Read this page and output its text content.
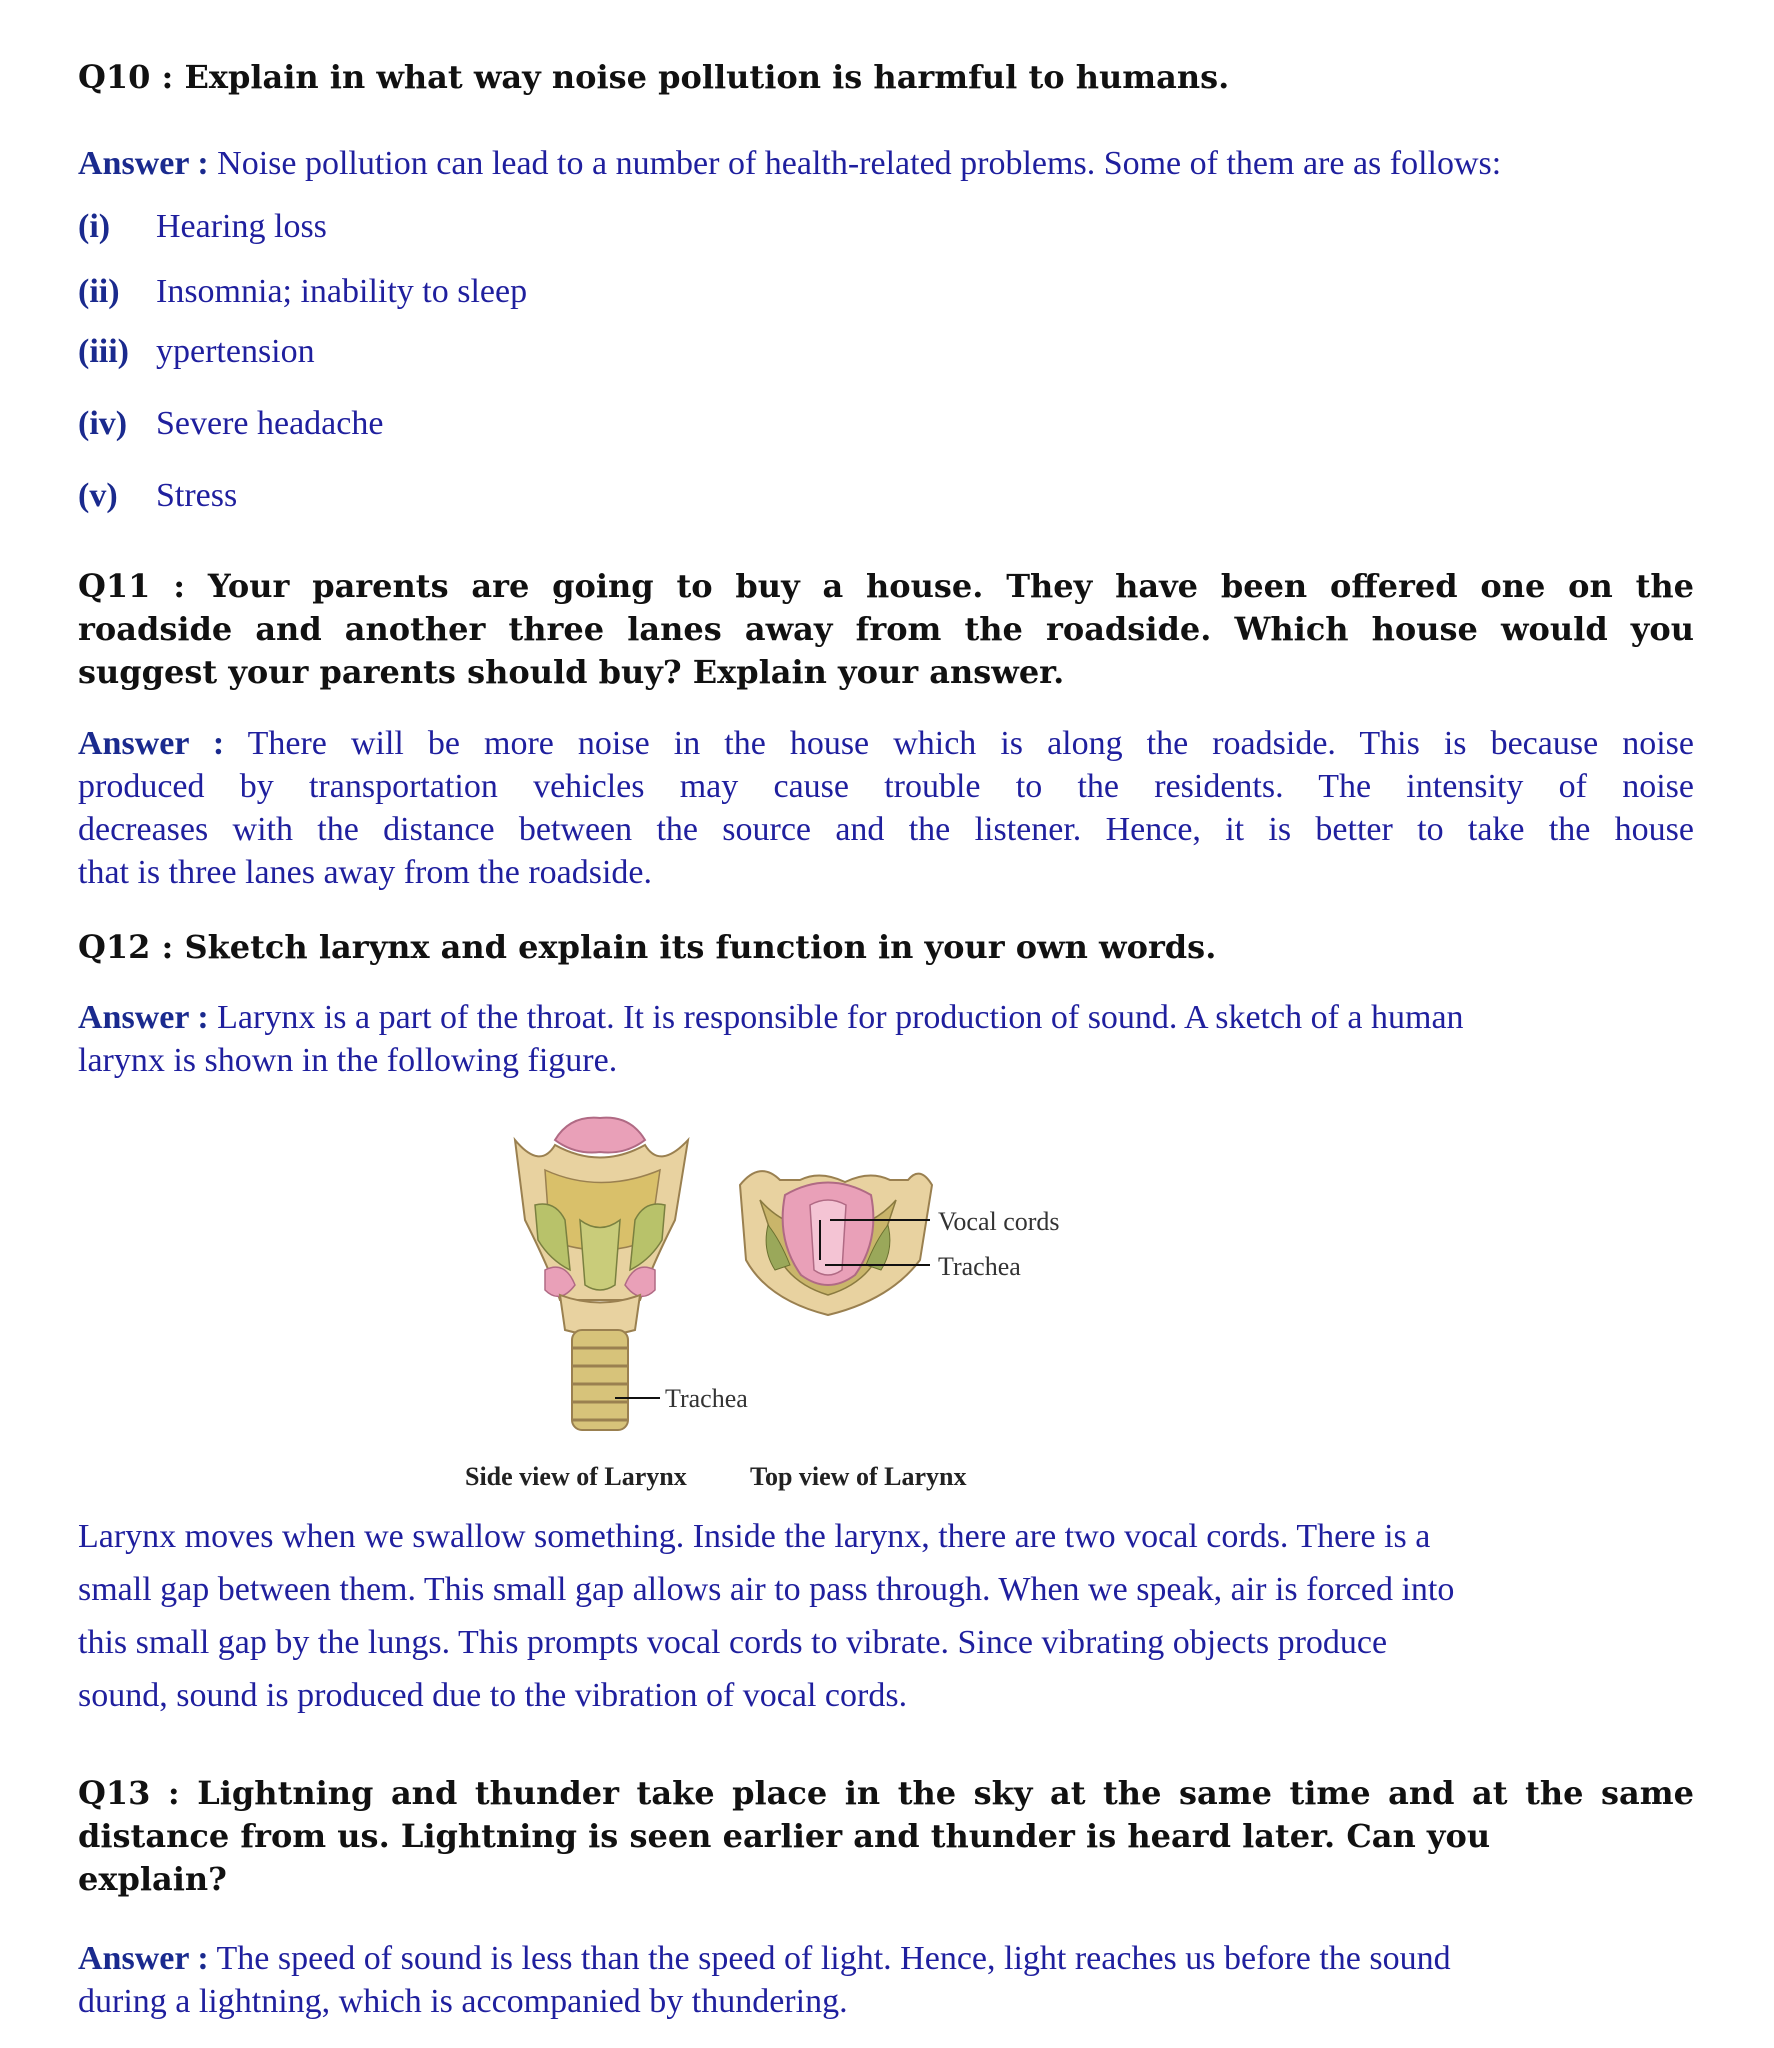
Q10 : Explain in what way noise pollution is harmful to humans.

Answer : Noise pollution can lead to a number of health-related problems. Some of them are as follows:

(i) Hearing loss

(ii) Insomnia; inability to sleep

(iii) ypertension

(iv) Severe headache

(v) Stress

Q11 : Your parents are going to buy a house. They have been offered one on the
roadside and another three lanes away from the roadside. Which house would you
suggest your parents should buy? Explain your answer.

Answer : There will be more noise in the house which is along the roadside. This is because noise
produced by transportation vehicles may cause trouble to the residents. The intensity of noise
decreases with the distance between the source and the listener. Hence, it is better to take the house
that is three lanes away from the roadside.

Q12 : Sketch larynx and explain its function in your own words.

Answer : Larynx is a part of the throat. It is responsible for production of sound. A sketch of a human
larynx is shown in the following figure.

Trachea
Vocal cords
Trachea
Side view of Larynx Top view of Larynx

Larynx moves when we swallow something. Inside the larynx, there are two vocal cords. There is a
small gap between them. This small gap allows air to pass through. When we speak, air is forced into
this small gap by the lungs. This prompts vocal cords to vibrate. Since vibrating objects produce
sound, sound is produced due to the vibration of vocal cords.

Q13 : Lightning and thunder take place in the sky at the same time and at the same
distance from us. Lightning is seen earlier and thunder is heard later. Can you
explain?

Answer : The speed of sound is less than the speed of light. Hence, light reaches us before the sound
during a lightning, which is accompanied by thundering.
